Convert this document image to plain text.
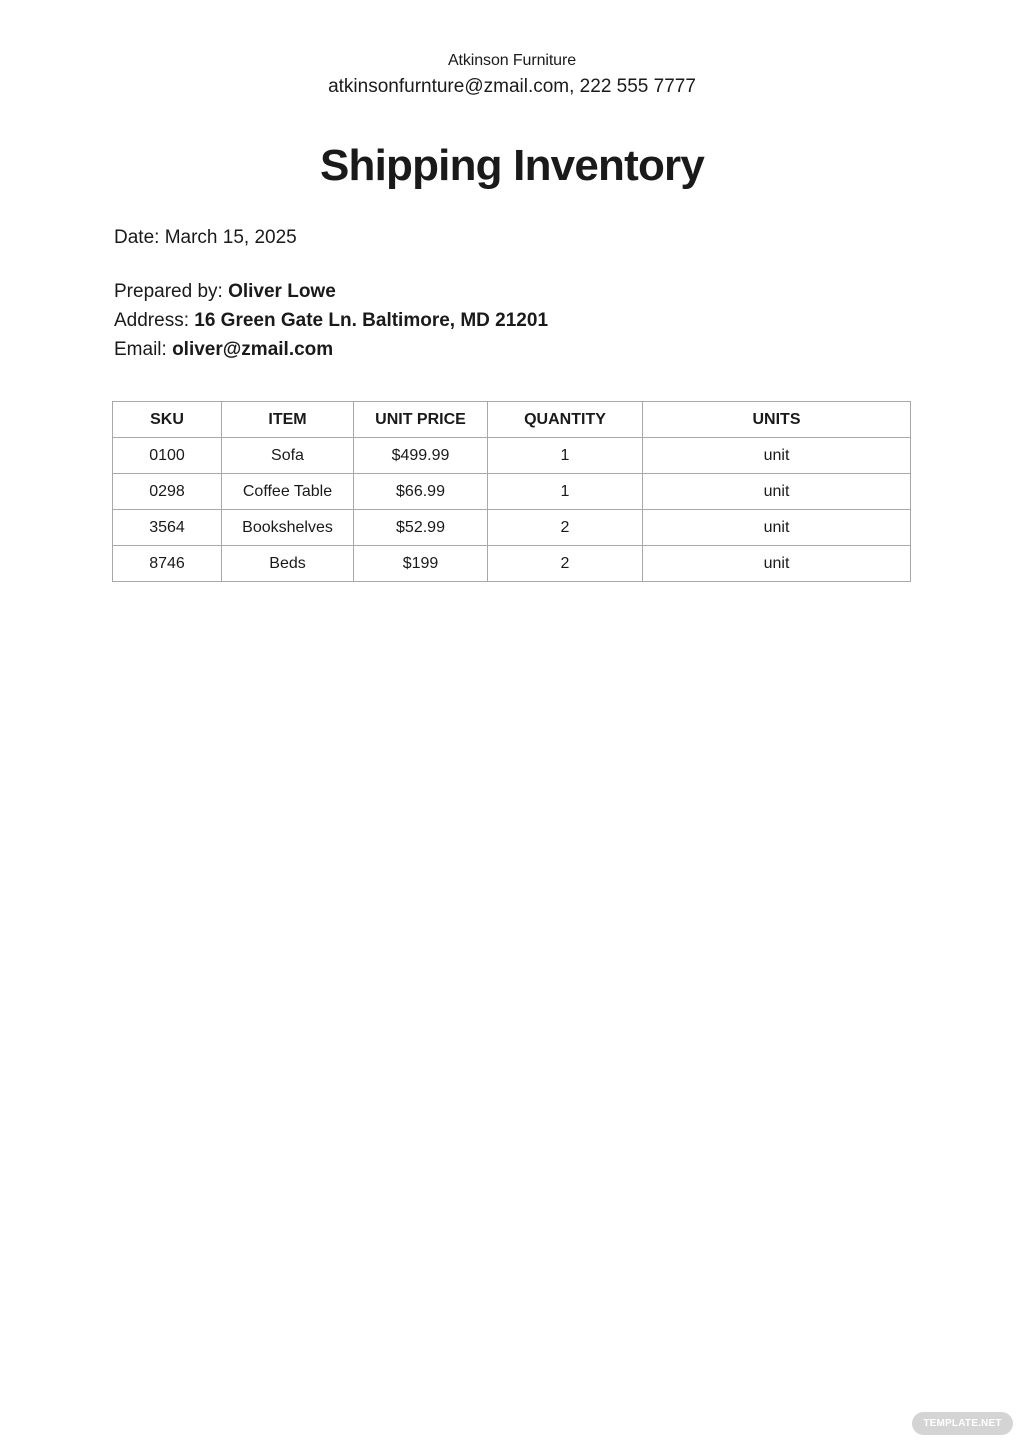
Atkinson Furniture
atkinsonfurnture@zmail.com, 222 555 7777
Shipping Inventory
Date: March 15, 2025
Prepared by: Oliver Lowe
Address: 16 Green Gate Ln. Baltimore, MD 21201
Email: oliver@zmail.com
SKU	ITEM	UNIT PRICE	QUANTITY	UNITS
0100	Sofa	$499.99	1	unit
0298	Coffee Table	$66.99	1	unit
3564	Bookshelves	$52.99	2	unit
8746	Beds	$199	2	unit
TEMPLATE.NET
